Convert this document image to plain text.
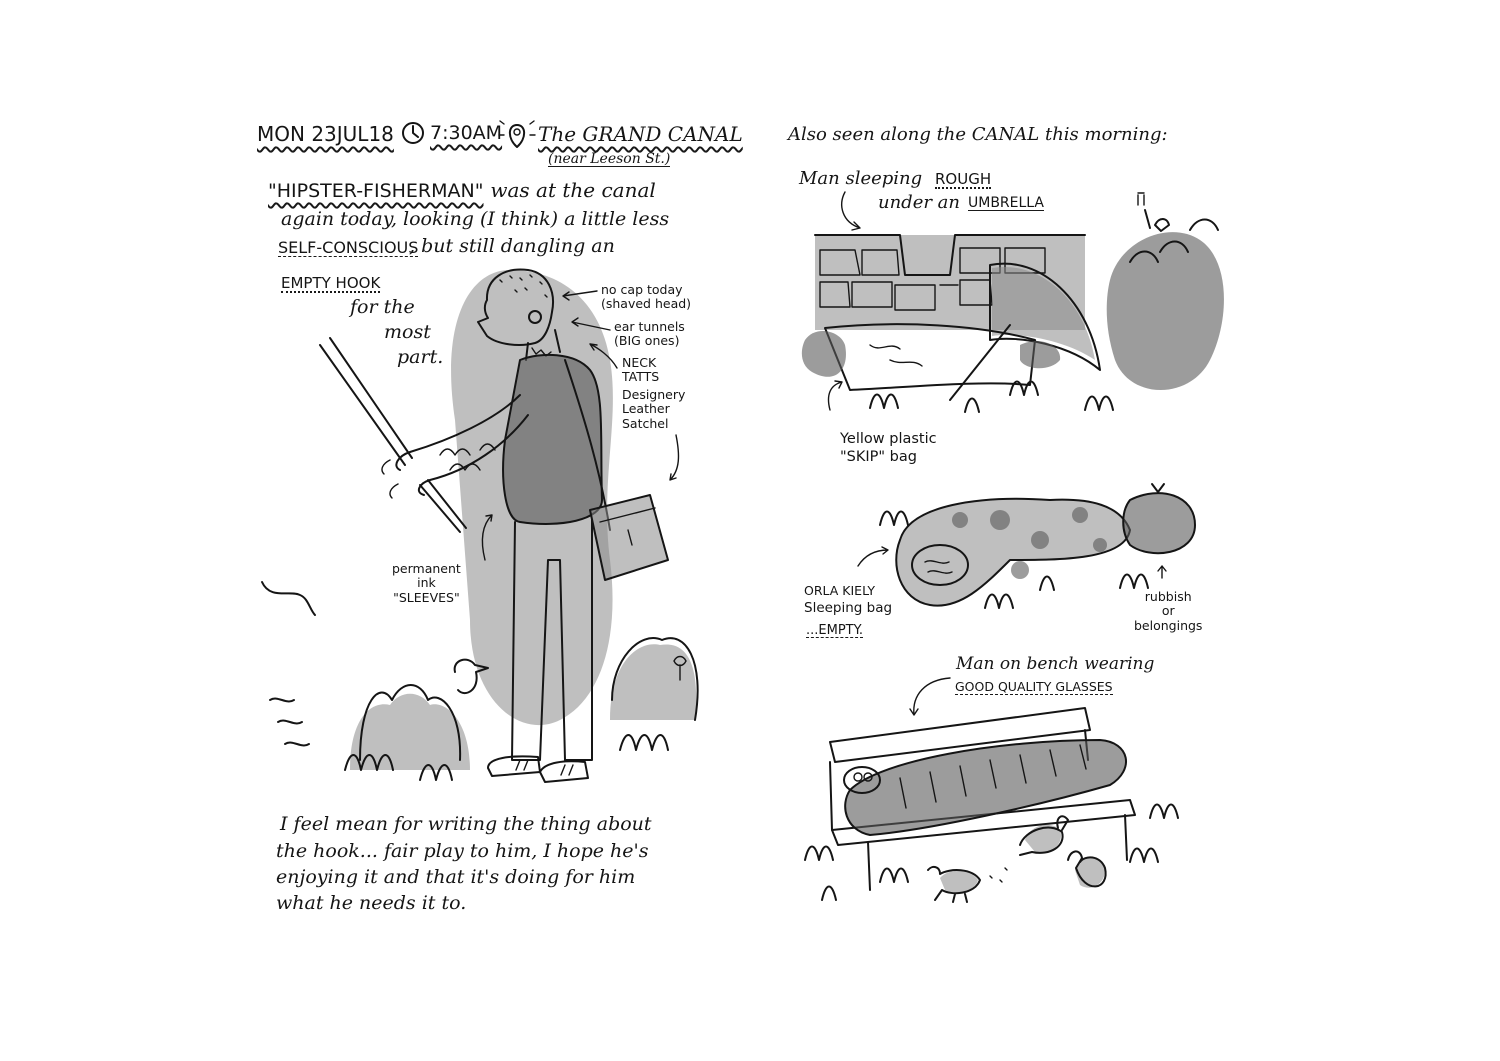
MON 23JUL18 7:30AM The GRAND CANAL
(near Leeson St.)
"HIPSTER-FISHERMAN" was at the canal
again today, looking (I think) a little less
SELF-CONSCIOUS
, but still dangling an
EMPTY HOOK
for the
most
part.
no cap today
(shaved head)
ear tunnels
(BIG ones)
NECK
TATTS
Designery
Leather
Satchel
permanent
ink
"SLEEVES"
I feel mean for writing the thing about
the hook... fair play to him, I hope he's
enjoying it and that it's doing for him
what he needs it to.
Also seen along the CANAL this morning:
Man sleeping ROUGH
under an UMBRELLA
Yellow plastic
"SKIP" bag
ORLA KIELY
Sleeping bag
...EMPTY.
rubbish
or
belongings
Man on bench wearing
GOOD QUALITY GLASSES
